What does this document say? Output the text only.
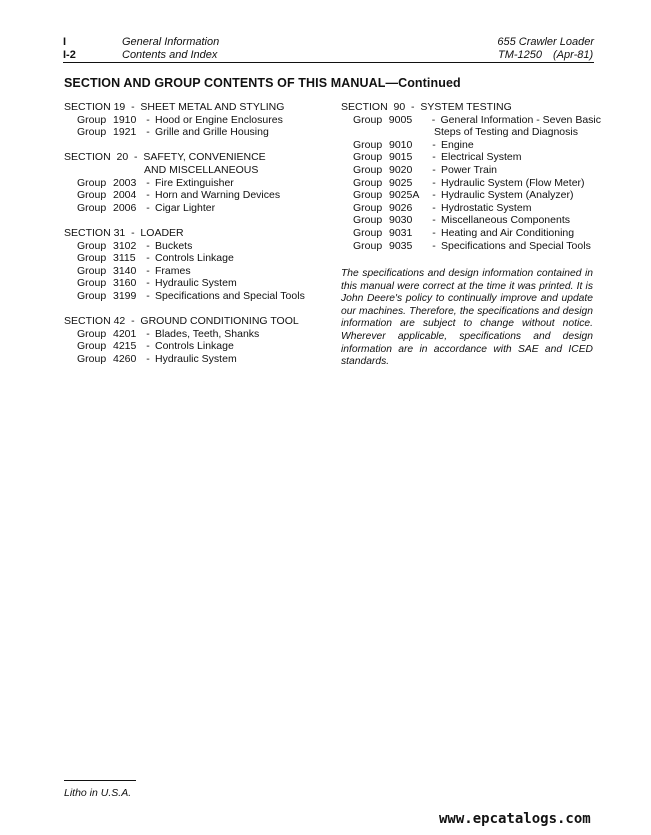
I
I-2
General Information
Contents and Index
655 Crawler Loader
TM-1250 (Apr-81)
SECTION AND GROUP CONTENTS OF THIS MANUAL—Continued
SECTION 19  -  SHEET METAL AND STYLING
Group 1910 - Hood or Engine Enclosures
Group 1921 - Grille and Grille Housing
SECTION  20  -  SAFETY, CONVENIENCE
AND MISCELLANEOUS
Group 2003 - Fire Extinguisher
Group 2004 - Horn and Warning Devices
Group 2006 - Cigar Lighter
SECTION 31  -  LOADER
Group 3102 - Buckets
Group 3115	- Controls Linkage
Group 3140 - Frames
Group 3160 - Hydraulic System
Group 3199 - Specifications and Special Tools
SECTION 42  -  GROUND CONDITIONING TOOL
Group 4201 - Blades, Teeth, Shanks
Group 4215 - Controls Linkage
Group 4260 - Hydraulic System
SECTION  90  -  SYSTEM TESTING
Group 9005	- General Information - Seven Basic
Steps of Testing and Diagnosis
Group 9010	- Engine
Group 9015	- Electrical System
Group 9020	- Power Train
Group 9025	- Hydraulic System (Flow Meter)
Group 9025A	- Hydraulic System (Analyzer)
Group 9026	- Hydrostatic System
Group 9030	- Miscellaneous Components
Group 9031	- Heating and Air Conditioning
Group 9035	- Specifications and Special Tools
The specifications and design information contained in this manual were correct at the time it was printed. It is John Deere's policy to continually improve and update our machines. Therefore, the specifications and design information are subject to change without notice. Wherever applicable, specifications and design information are in accordance with SAE and ICED standards.
Litho in U.S.A.
www.epcatalogs.com
